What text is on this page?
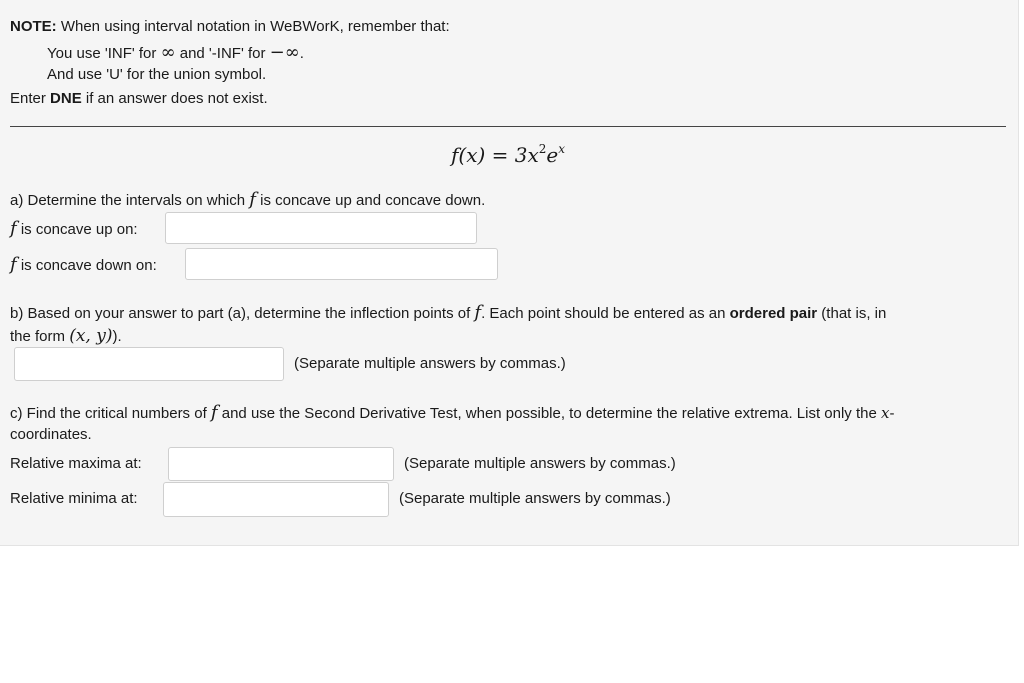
NOTE: When using interval notation in WeBWorK, remember that:
You use 'INF' for ∞ and '-INF' for −∞.
And use 'U' for the union symbol.
Enter DNE if an answer does not exist.
$f(x) = 3x^2e^x$
a) Determine the intervals on which f is concave up and concave down.
f is concave up on:
f is concave down on:
b) Based on your answer to part (a), determine the inflection points of f. Each point should be entered as an ordered pair (that is, in
the form (x, y)).
(Separate multiple answers by commas.)
c) Find the critical numbers of f and use the Second Derivative Test, when possible, to determine the relative extrema. List only the x-
coordinates.
Relative maxima at:	(Separate multiple answers by commas.)
Relative minima at:	(Separate multiple answers by commas.)
